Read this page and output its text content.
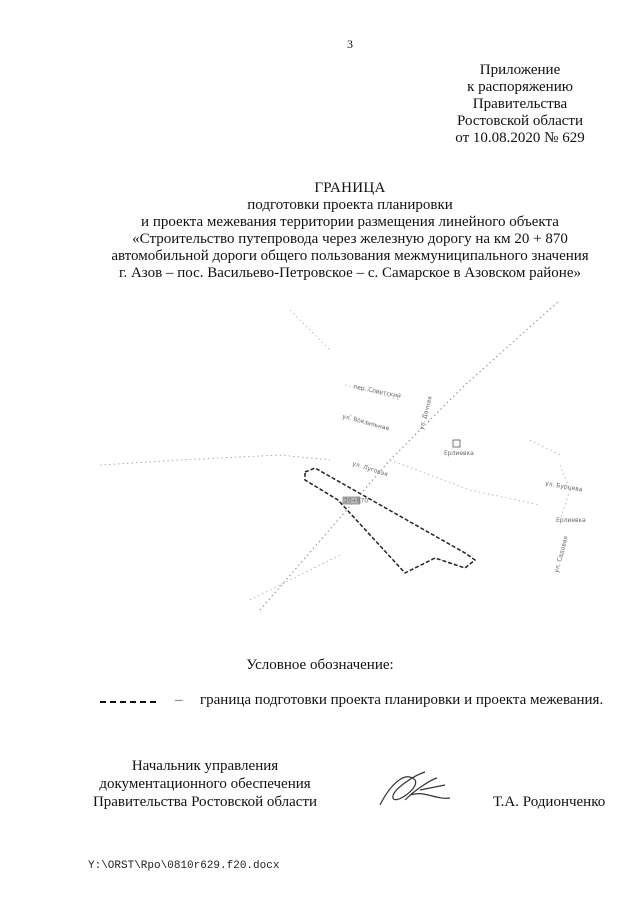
3
Приложение
к распоряжению
Правительства
Ростовской области
от 10.08.2020 № 629
ГРАНИЦА
подготовки проекта планировки
и проекта межевания территории размещения линейного объекта
«Строительство путепровода через железную дорогу на км 20 + 870
автомобильной дороги общего пользования межмуниципального значения
г. Азов – пос. Васильево-Петровское – с. Самарское в Азовском районе»
20+870
пер. Советский
ул. Вокзальная
ул. Луговая
ул. Дачная
Ерлиевка
ул. Бурцева
Ерлиевка
ул. Садовая
Условное обозначение:
– граница подготовки проекта планировки и проекта межевания.
Начальник управления
документационного обеспечения
Правительства Ростовской области	Т.А. Родионченко
Y:\ORST\Rpo\0810r629.f20.docx
